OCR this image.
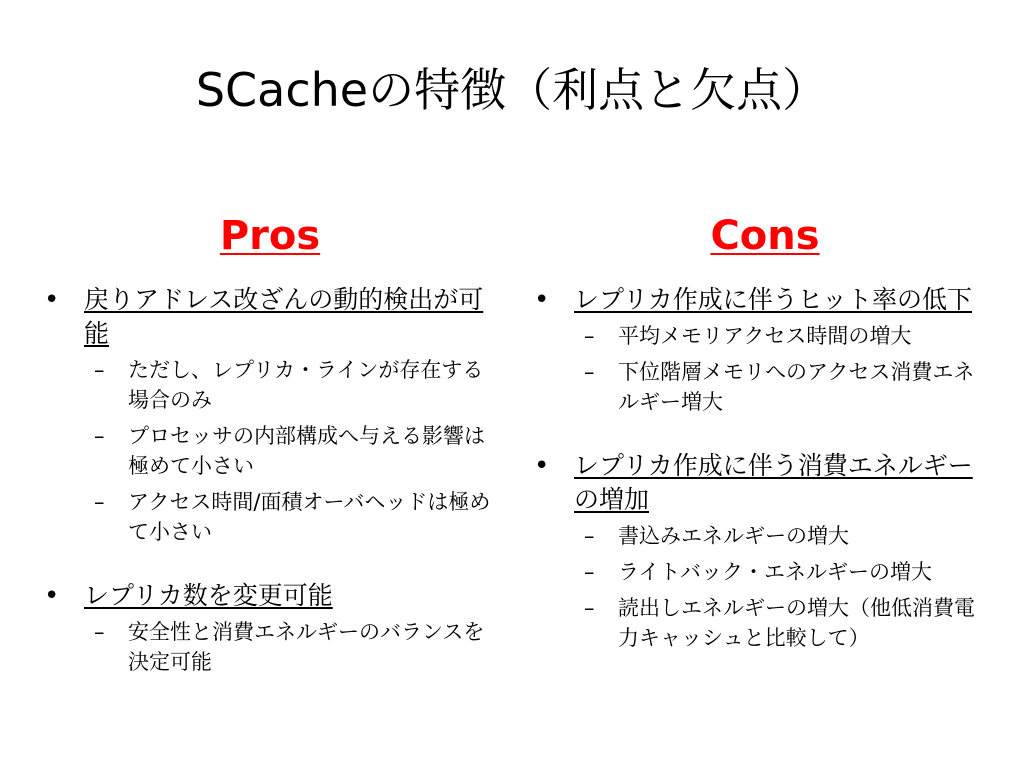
SCacheの特徴（利点と欠点）
Pros	Cons
• 戻りアドレス改ざんの動的検出が可能
– ただし、レプリカ・ラインが存在する場合のみ
– プロセッサの内部構成へ与える影響は極めて小さい
– アクセス時間/面積オーバヘッドは極めて小さい
• レプリカ数を変更可能
– 安全性と消費エネルギーのバランスを決定可能
• レプリカ作成に伴うヒット率の低下
– 平均メモリアクセス時間の増大
– 下位階層メモリへのアクセス消費エネルギー増大
• レプリカ作成に伴う消費エネルギーの増加
– 書込みエネルギーの増大
– ライトバック・エネルギーの増大
– 読出しエネルギーの増大（他低消費電力キャッシュと比較して）
